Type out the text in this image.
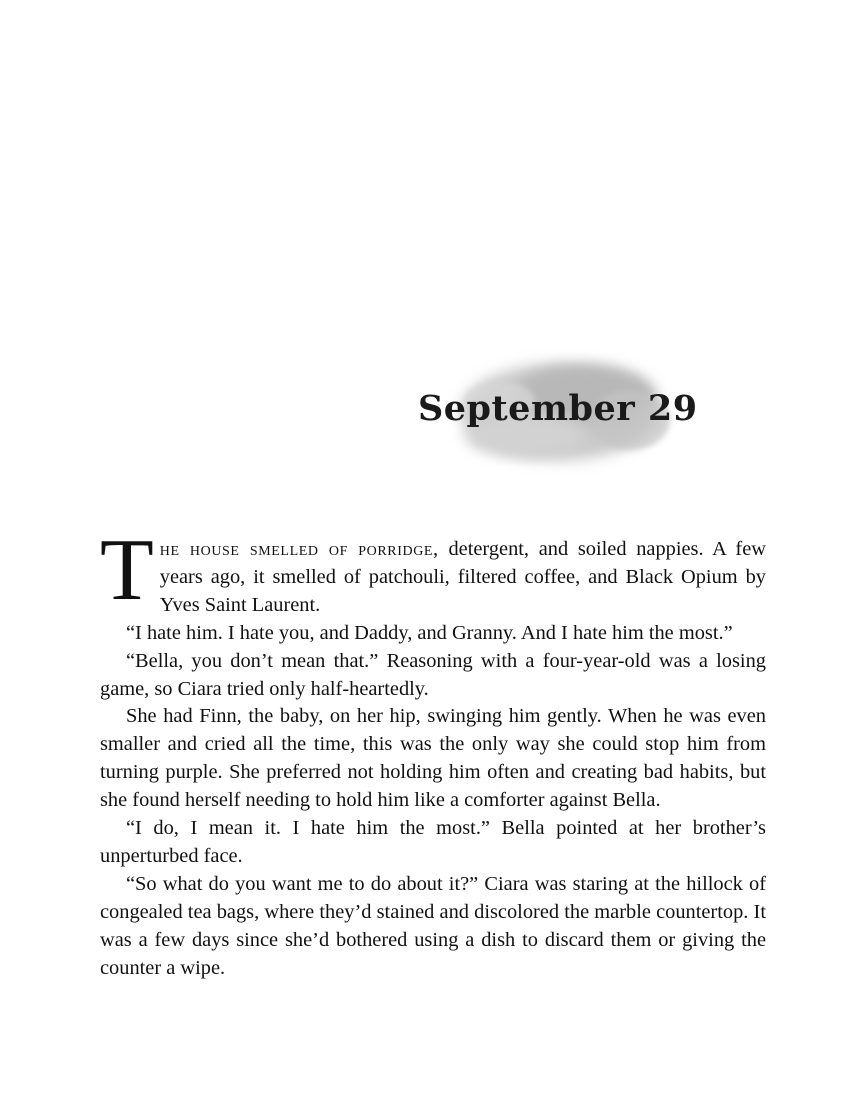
September 29

The house smelled of porridge, detergent, and soiled nappies. A few years ago, it smelled of patchouli, filtered coffee, and Black Opium by Yves Saint Laurent.

“I hate him. I hate you, and Daddy, and Granny. And I hate him the most.”

“Bella, you don’t mean that.” Reasoning with a four-year-old was a losing game, so Ciara tried only half-heartedly.

She had Finn, the baby, on her hip, swinging him gently. When he was even smaller and cried all the time, this was the only way she could stop him from turning purple. She preferred not holding him often and creating bad habits, but she found herself needing to hold him like a comforter against Bella.

“I do, I mean it. I hate him the most.” Bella pointed at her brother’s unperturbed face.

“So what do you want me to do about it?” Ciara was staring at the hillock of congealed tea bags, where they’d stained and discolored the marble countertop. It was a few days since she’d bothered using a dish to discard them or giving the counter a wipe.
